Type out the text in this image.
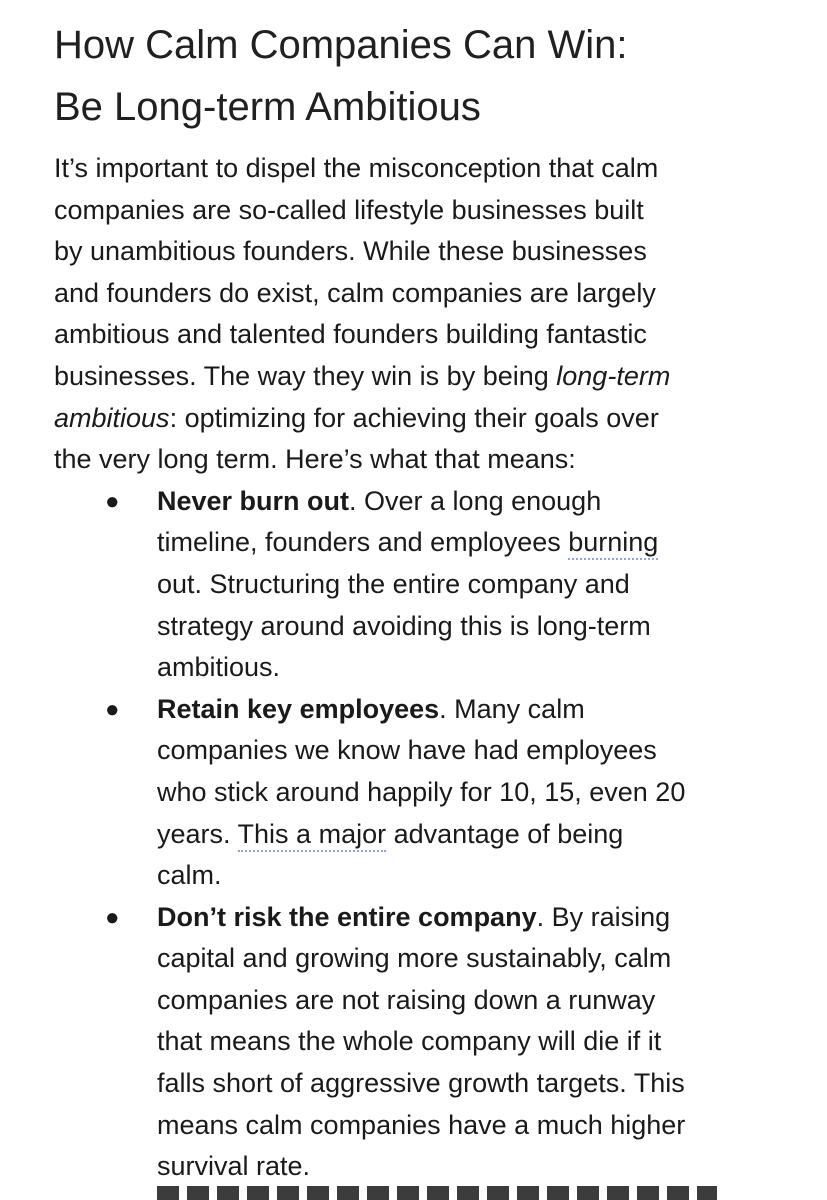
How Calm Companies Can Win:
Be Long-term Ambitious

It’s important to dispel the misconception that calm
companies are so-called lifestyle businesses built
by unambitious founders. While these businesses
and founders do exist, calm companies are largely
ambitious and talented founders building fantastic
businesses. The way they win is by being long-term
ambitious: optimizing for achieving their goals over
the very long term. Here’s what that means:

● Never burn out. Over a long enough
timeline, founders and employees burning
out. Structuring the entire company and
strategy around avoiding this is long-term
ambitious.
● Retain key employees. Many calm
companies we know have had employees
who stick around happily for 10, 15, even 20
years. This a major advantage of being
calm.
● Don’t risk the entire company. By raising
capital and growing more sustainably, calm
companies are not raising down a runway
that means the whole company will die if it
falls short of aggressive growth targets. This
means calm companies have a much higher
survival rate.
